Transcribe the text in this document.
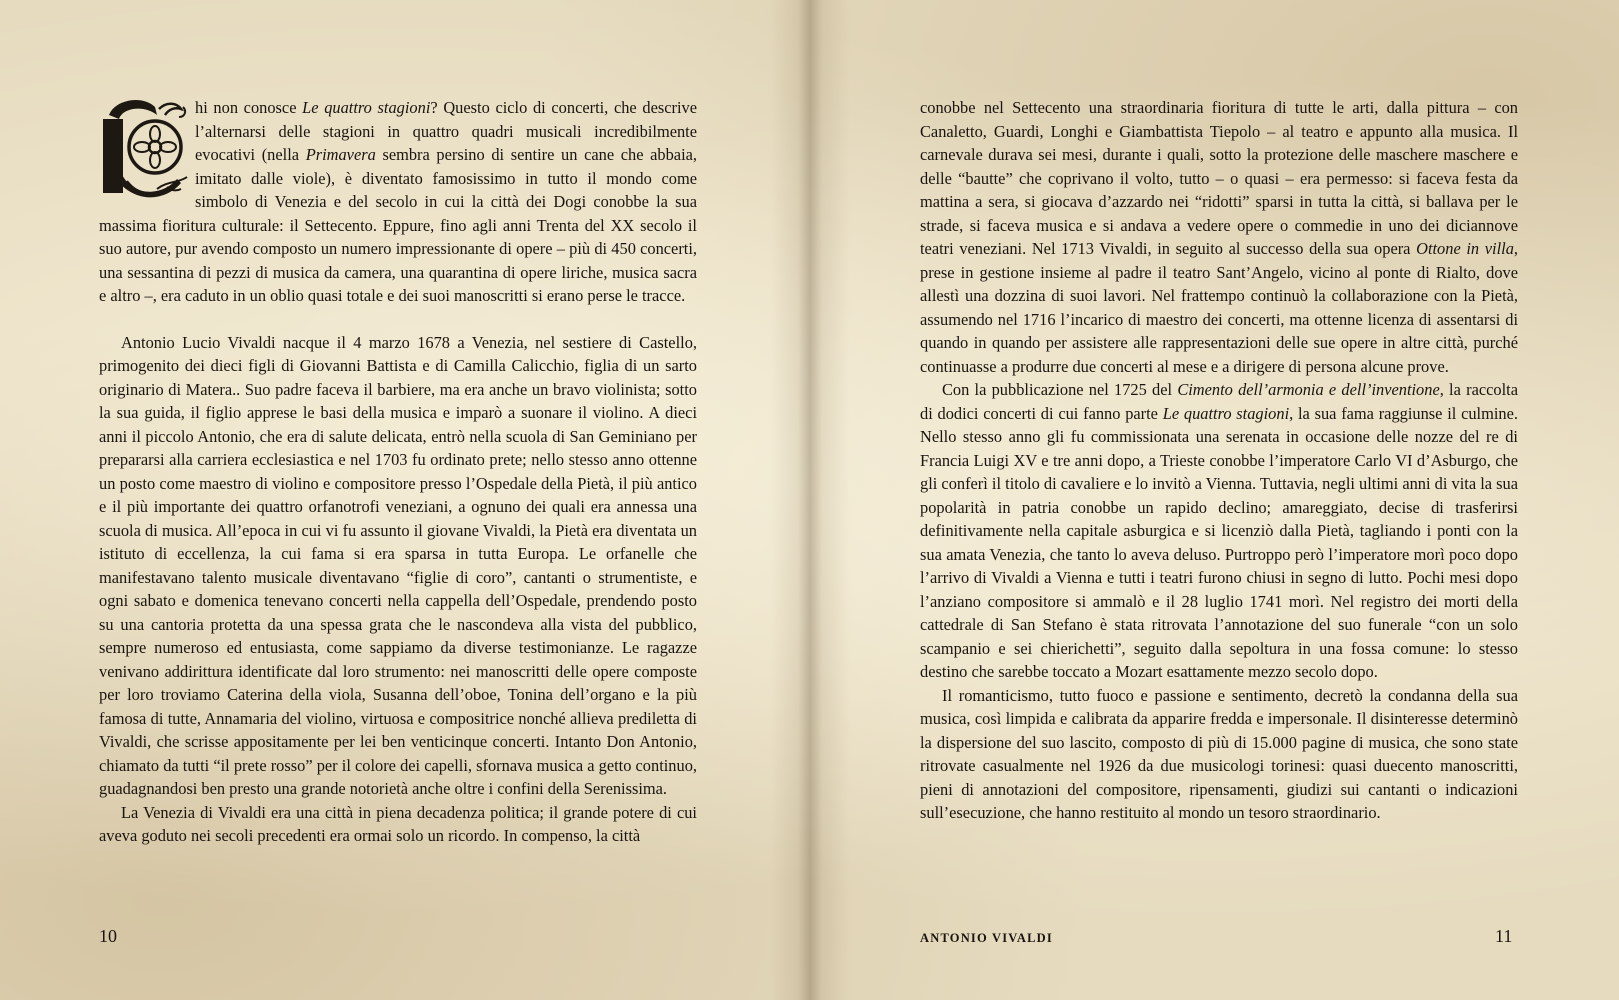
hi non conosce Le quattro stagioni? Questo ciclo di concerti, che descrive l’alternarsi delle stagioni in quattro quadri musicali incredibilmente evocativi (nella Primavera sembra persino di sentire un cane che abbaia, imitato dalle viole), è diventato famosissimo in tutto il mondo come simbolo di Venezia e del secolo in cui la città dei Dogi conobbe la sua massima fioritura culturale: il Settecento. Eppure, fino agli anni Trenta del XX secolo il suo autore, pur avendo composto un numero impressionante di opere – più di 450 concerti, una sessantina di pezzi di musica da camera, una quarantina di opere liriche, musica sacra e altro –, era caduto in un oblio quasi totale e dei suoi manoscritti si erano perse le tracce.

Antonio Lucio Vivaldi nacque il 4 marzo 1678 a Venezia, nel sestiere di Castello, primogenito dei dieci figli di Giovanni Battista e di Camilla Calicchio, figlia di un sarto originario di Matera.. Suo padre faceva il barbiere, ma era anche un bravo violinista; sotto la sua guida, il figlio apprese le basi della musica e imparò a suonare il violino. A dieci anni il piccolo Antonio, che era di salute delicata, entrò nella scuola di San Geminiano per prepararsi alla carriera ecclesiastica e nel 1703 fu ordinato prete; nello stesso anno ottenne un posto come maestro di violino e compositore presso l’Ospedale della Pietà, il più antico e il più importante dei quattro orfanotrofi veneziani, a ognuno dei quali era annessa una scuola di musica. All’epoca in cui vi fu assunto il giovane Vivaldi, la Pietà era diventata un istituto di eccellenza, la cui fama si era sparsa in tutta Europa. Le orfanelle che manifestavano talento musicale diventavano “figlie di coro”, cantanti o strumentiste, e ogni sabato e domenica tenevano concerti nella cappella dell’Ospedale, prendendo posto su una cantoria protetta da una spessa grata che le nascondeva alla vista del pubblico, sempre numeroso ed entusiasta, come sappiamo da diverse testimonianze. Le ragazze venivano addirittura identificate dal loro strumento: nei manoscritti delle opere composte per loro troviamo Caterina della viola, Susanna dell’oboe, Tonina dell’organo e la più famosa di tutte, Annamaria del violino, virtuosa e compositrice nonché allieva prediletta di Vivaldi, che scrisse appositamente per lei ben venticinque concerti. Intanto Don Antonio, chiamato da tutti “il prete rosso” per il colore dei capelli, sfornava musica a getto continuo, guadagnandosi ben presto una grande notorietà anche oltre i confini della Serenissima.

La Venezia di Vivaldi era una città in piena decadenza politica; il grande potere di cui aveva goduto nei secoli precedenti era ormai solo un ricordo. In compenso, la città

10

conobbe nel Settecento una straordinaria fioritura di tutte le arti, dalla pittura – con Canaletto, Guardi, Longhi e Giambattista Tiepolo – al teatro e appunto alla musica. Il carnevale durava sei mesi, durante i quali, sotto la protezione delle maschere maschere e delle “bautte” che coprivano il volto, tutto – o quasi – era permesso: si faceva festa da mattina a sera, si giocava d’azzardo nei “ridotti” sparsi in tutta la città, si ballava per le strade, si faceva musica e si andava a vedere opere o commedie in uno dei diciannove teatri veneziani. Nel 1713 Vivaldi, in seguito al successo della sua opera Ottone in villa, prese in gestione insieme al padre il teatro Sant’Angelo, vicino al ponte di Rialto, dove allestì una dozzina di suoi lavori. Nel frattempo continuò la collaborazione con la Pietà, assumendo nel 1716 l’incarico di maestro dei concerti, ma ottenne licenza di assentarsi di quando in quando per assistere alle rappresentazioni delle sue opere in altre città, purché continuasse a produrre due concerti al mese e a dirigere di persona alcune prove.

Con la pubblicazione nel 1725 del Cimento dell’armonia e dell’inventione, la raccolta di dodici concerti di cui fanno parte Le quattro stagioni, la sua fama raggiunse il culmine. Nello stesso anno gli fu commissionata una serenata in occasione delle nozze del re di Francia Luigi XV e tre anni dopo, a Trieste conobbe l’imperatore Carlo VI d’Asburgo, che gli conferì il titolo di cavaliere e lo invitò a Vienna. Tuttavia, negli ultimi anni di vita la sua popolarità in patria conobbe un rapido declino; amareggiato, decise di trasferirsi definitivamente nella capitale asburgica e si licenziò dalla Pietà, tagliando i ponti con la sua amata Venezia, che tanto lo aveva deluso. Purtroppo però l’imperatore morì poco dopo l’arrivo di Vivaldi a Vienna e tutti i teatri furono chiusi in segno di lutto. Pochi mesi dopo l’anziano compositore si ammalò e il 28 luglio 1741 morì. Nel registro dei morti della cattedrale di San Stefano è stata ritrovata l’annotazione del suo funerale “con un solo scampanio e sei chierichetti”, seguito dalla sepoltura in una fossa comune: lo stesso destino che sarebbe toccato a Mozart esattamente mezzo secolo dopo.

Il romanticismo, tutto fuoco e passione e sentimento, decretò la condanna della sua musica, così limpida e calibrata da apparire fredda e impersonale. Il disinteresse determinò la dispersione del suo lascito, composto di più di 15.000 pagine di musica, che sono state ritrovate casualmente nel 1926 da due musicologi torinesi: quasi duecento manoscritti, pieni di annotazioni del compositore, ripensamenti, giudizi sui cantanti o indicazioni sull’esecuzione, che hanno restituito al mondo un tesoro straordinario.

ANTONIO VIVALDI	11
